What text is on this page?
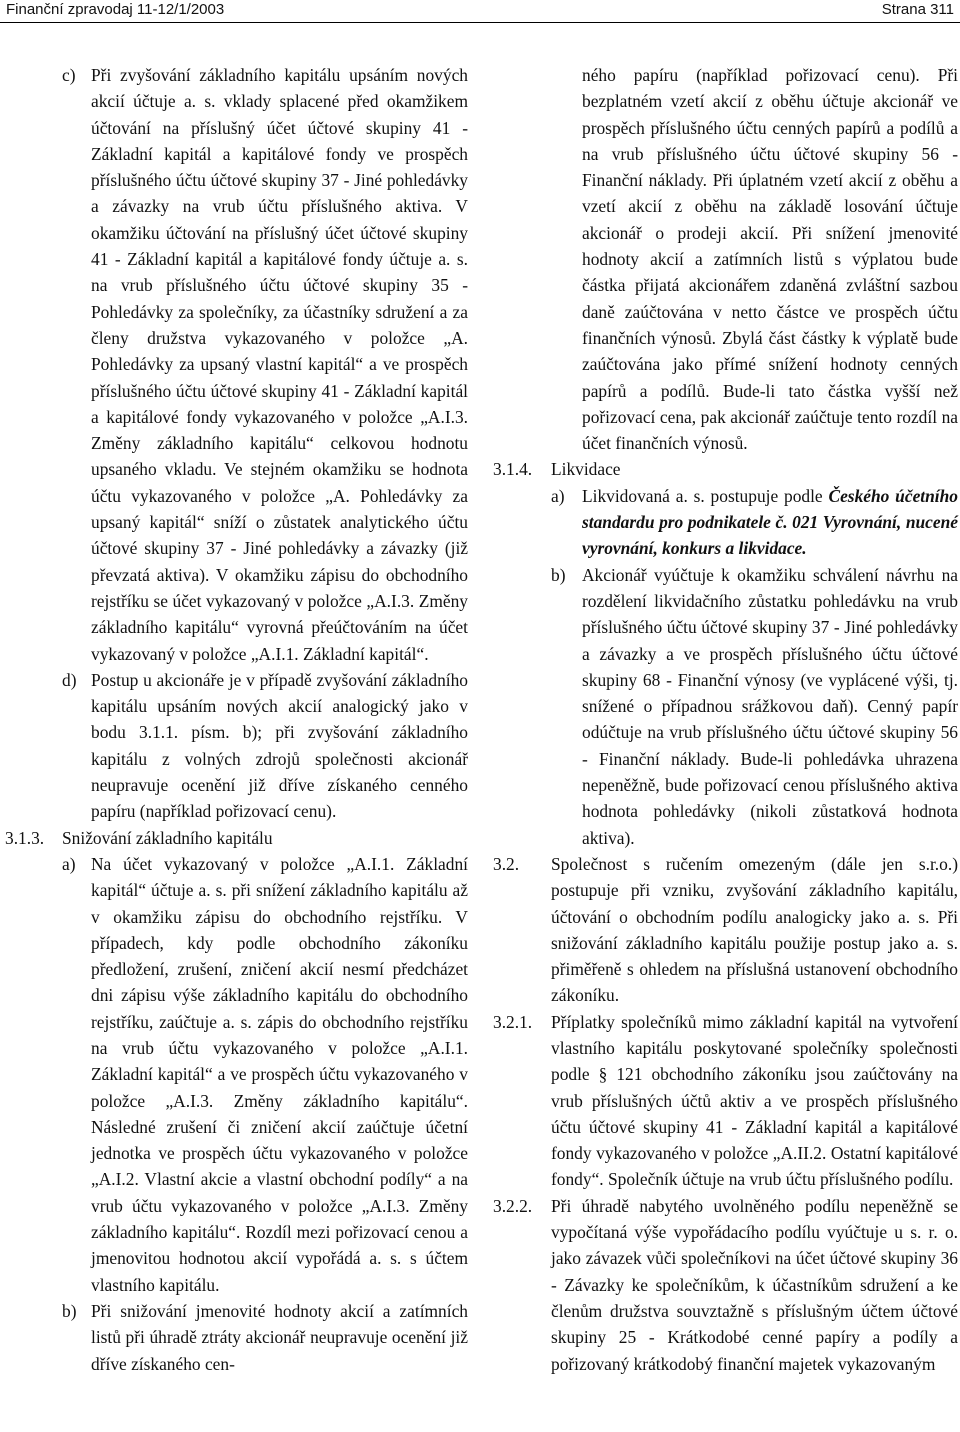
Finanční zpravodaj 11-12/1/2003	Strana 311
c) Při zvyšování základního kapitálu upsáním nových akcií účtuje a. s. vklady splacené před okamžikem účtování na příslušný účet účtové skupiny 41 - Základní kapitál a kapitálové fondy ve prospěch příslušného účtu účtové skupiny 37 - Jiné pohledávky a závazky na vrub účtu příslušného aktiva. V okamžiku účtování na příslušný účet účtové skupiny 41 - Základní kapitál a kapitálové fondy účtuje a. s. na vrub příslušného účtu účtové skupiny 35 - Pohledávky za společníky, za účastníky sdružení a za členy družstva vykazovaného v položce „A. Pohledávky za upsaný vlastní kapitál“ a ve prospěch příslušného účtu účtové skupiny 41 - Základní kapitál a kapitálové fondy vykazovaného v položce „A.I.3. Změny základního kapitálu“ celkovou hodnotu upsaného vkladu. Ve stejném okamžiku se hodnota účtu vykazovaného v položce „A. Pohledávky za upsaný kapitál“ sníží o zůstatek analytického účtu účtové skupiny 37 - Jiné pohledávky a závazky (již převzatá aktiva). V okamžiku zápisu do obchodního rejstříku se účet vykazovaný v položce „A.I.3. Změny základního kapitálu“ vyrovná přeúčtováním na účet vykazovaný v položce „A.I.1. Základní kapitál“.

d) Postup u akcionáře je v případě zvyšování základního kapitálu upsáním nových akcií analogický jako v bodu 3.1.1. písm. b); při zvyšování základního kapitálu z volných zdrojů společnosti akcionář neupravuje ocenění již dříve získaného cenného papíru (například pořizovací cenu).

3.1.3. Snižování základního kapitálu

a) Na účet vykazovaný v položce „A.I.1. Základní kapitál“ účtuje a. s. při snížení základního kapitálu až v okamžiku zápisu do obchodního rejstříku. V případech, kdy podle obchodního zákoníku předložení, zrušení, zničení akcií nesmí předcházet dni zápisu výše základního kapitálu do obchodního rejstříku, zaúčtuje a. s. zápis do obchodního rejstříku na vrub účtu vykazovaného v položce „A.I.1. Základní kapitál“ a ve prospěch účtu vykazovaného v položce „A.I.3. Změny základního kapitálu“. Následné zrušení či zničení akcií zaúčtuje účetní jednotka ve prospěch účtu vykazovaného v položce „A.I.2. Vlastní akcie a vlastní obchodní podíly“ a na vrub účtu vykazovaného v položce „A.I.3. Změny základního kapitálu“. Rozdíl mezi pořizovací cenou a jmenovitou hodnotou akcií vypořádá a. s. s účtem vlastního kapitálu.

b) Při snižování jmenovité hodnoty akcií a zatímních listů při úhradě ztráty akcionář neupravuje ocenění již dříve získaného cen-

ného papíru (například pořizovací cenu). Při bezplatném vzetí akcií z oběhu účtuje akcionář ve prospěch příslušného účtu cenných papírů a podílů a na vrub příslušného účtu účtové skupiny 56 - Finanční náklady. Při úplatném vzetí akcií z oběhu a vzetí akcií z oběhu na základě losování účtuje akcionář o prodeji akcií. Při snížení jmenovité hodnoty akcií a zatímních listů s výplatou bude částka přijatá akcionářem zdaněná zvláštní sazbou daně zaúčtována v netto částce ve prospěch účtu finančních výnosů. Zbylá část částky k výplatě bude zaúčtována jako přímé snížení hodnoty cenných papírů a podílů. Bude-li tato částka vyšší než pořizovací cena, pak akcionář zaúčtuje tento rozdíl na účet finančních výnosů.

3.1.4. Likvidace

a) Likvidovaná a. s. postupuje podle Českého účetního standardu pro podnikatele č. 021 Vyrovnání, nucené vyrovnání, konkurs a likvidace.

b) Akcionář vyúčtuje k okamžiku schválení návrhu na rozdělení likvidačního zůstatku pohledávku na vrub příslušného účtu účtové skupiny 37 - Jiné pohledávky a závazky a ve prospěch příslušného účtu účtové skupiny 68 - Finanční výnosy (ve vyplácené výši, tj. snížené o případnou srážkovou daň). Cenný papír odúčtuje na vrub příslušného účtu účtové skupiny 56 - Finanční náklady. Bude-li pohledávka uhrazena nepeněžně, bude pořizovací cenou příslušného aktiva hodnota pohledávky (nikoli zůstatková hodnota aktiva).

3.2. Společnost s ručením omezeným (dále jen s.r.o.) postupuje při vzniku, zvyšování základního kapitálu, účtování o obchodním podílu analogicky jako a. s. Při snižování základního kapitálu použije postup jako a. s. přiměřeně s ohledem na příslušná ustanovení obchodního zákoníku.

3.2.1. Příplatky společníků mimo základní kapitál na vytvoření vlastního kapitálu poskytované společníky společnosti podle § 121 obchodního zákoníku jsou zaúčtovány na vrub příslušných účtů aktiv a ve prospěch příslušného účtu účtové skupiny 41 - Základní kapitál a kapitálové fondy vykazovaného v položce „A.II.2. Ostatní kapitálové fondy“. Společník účtuje na vrub účtu příslušného podílu.

3.2.2. Při úhradě nabytého uvolněného podílu nepeněžně se vypočítaná výše vypořádacího podílu vyúčtuje u s. r. o. jako závazek vůči společníkovi na účet účtové skupiny 36 - Závazky ke společníkům, k účastníkům sdružení a ke členům družstva souvztažně s příslušným účtem účtové skupiny 25 - Krátkodobé cenné papíry a podíly a pořizovaný krátkodobý finanční majetek vykazovaným
